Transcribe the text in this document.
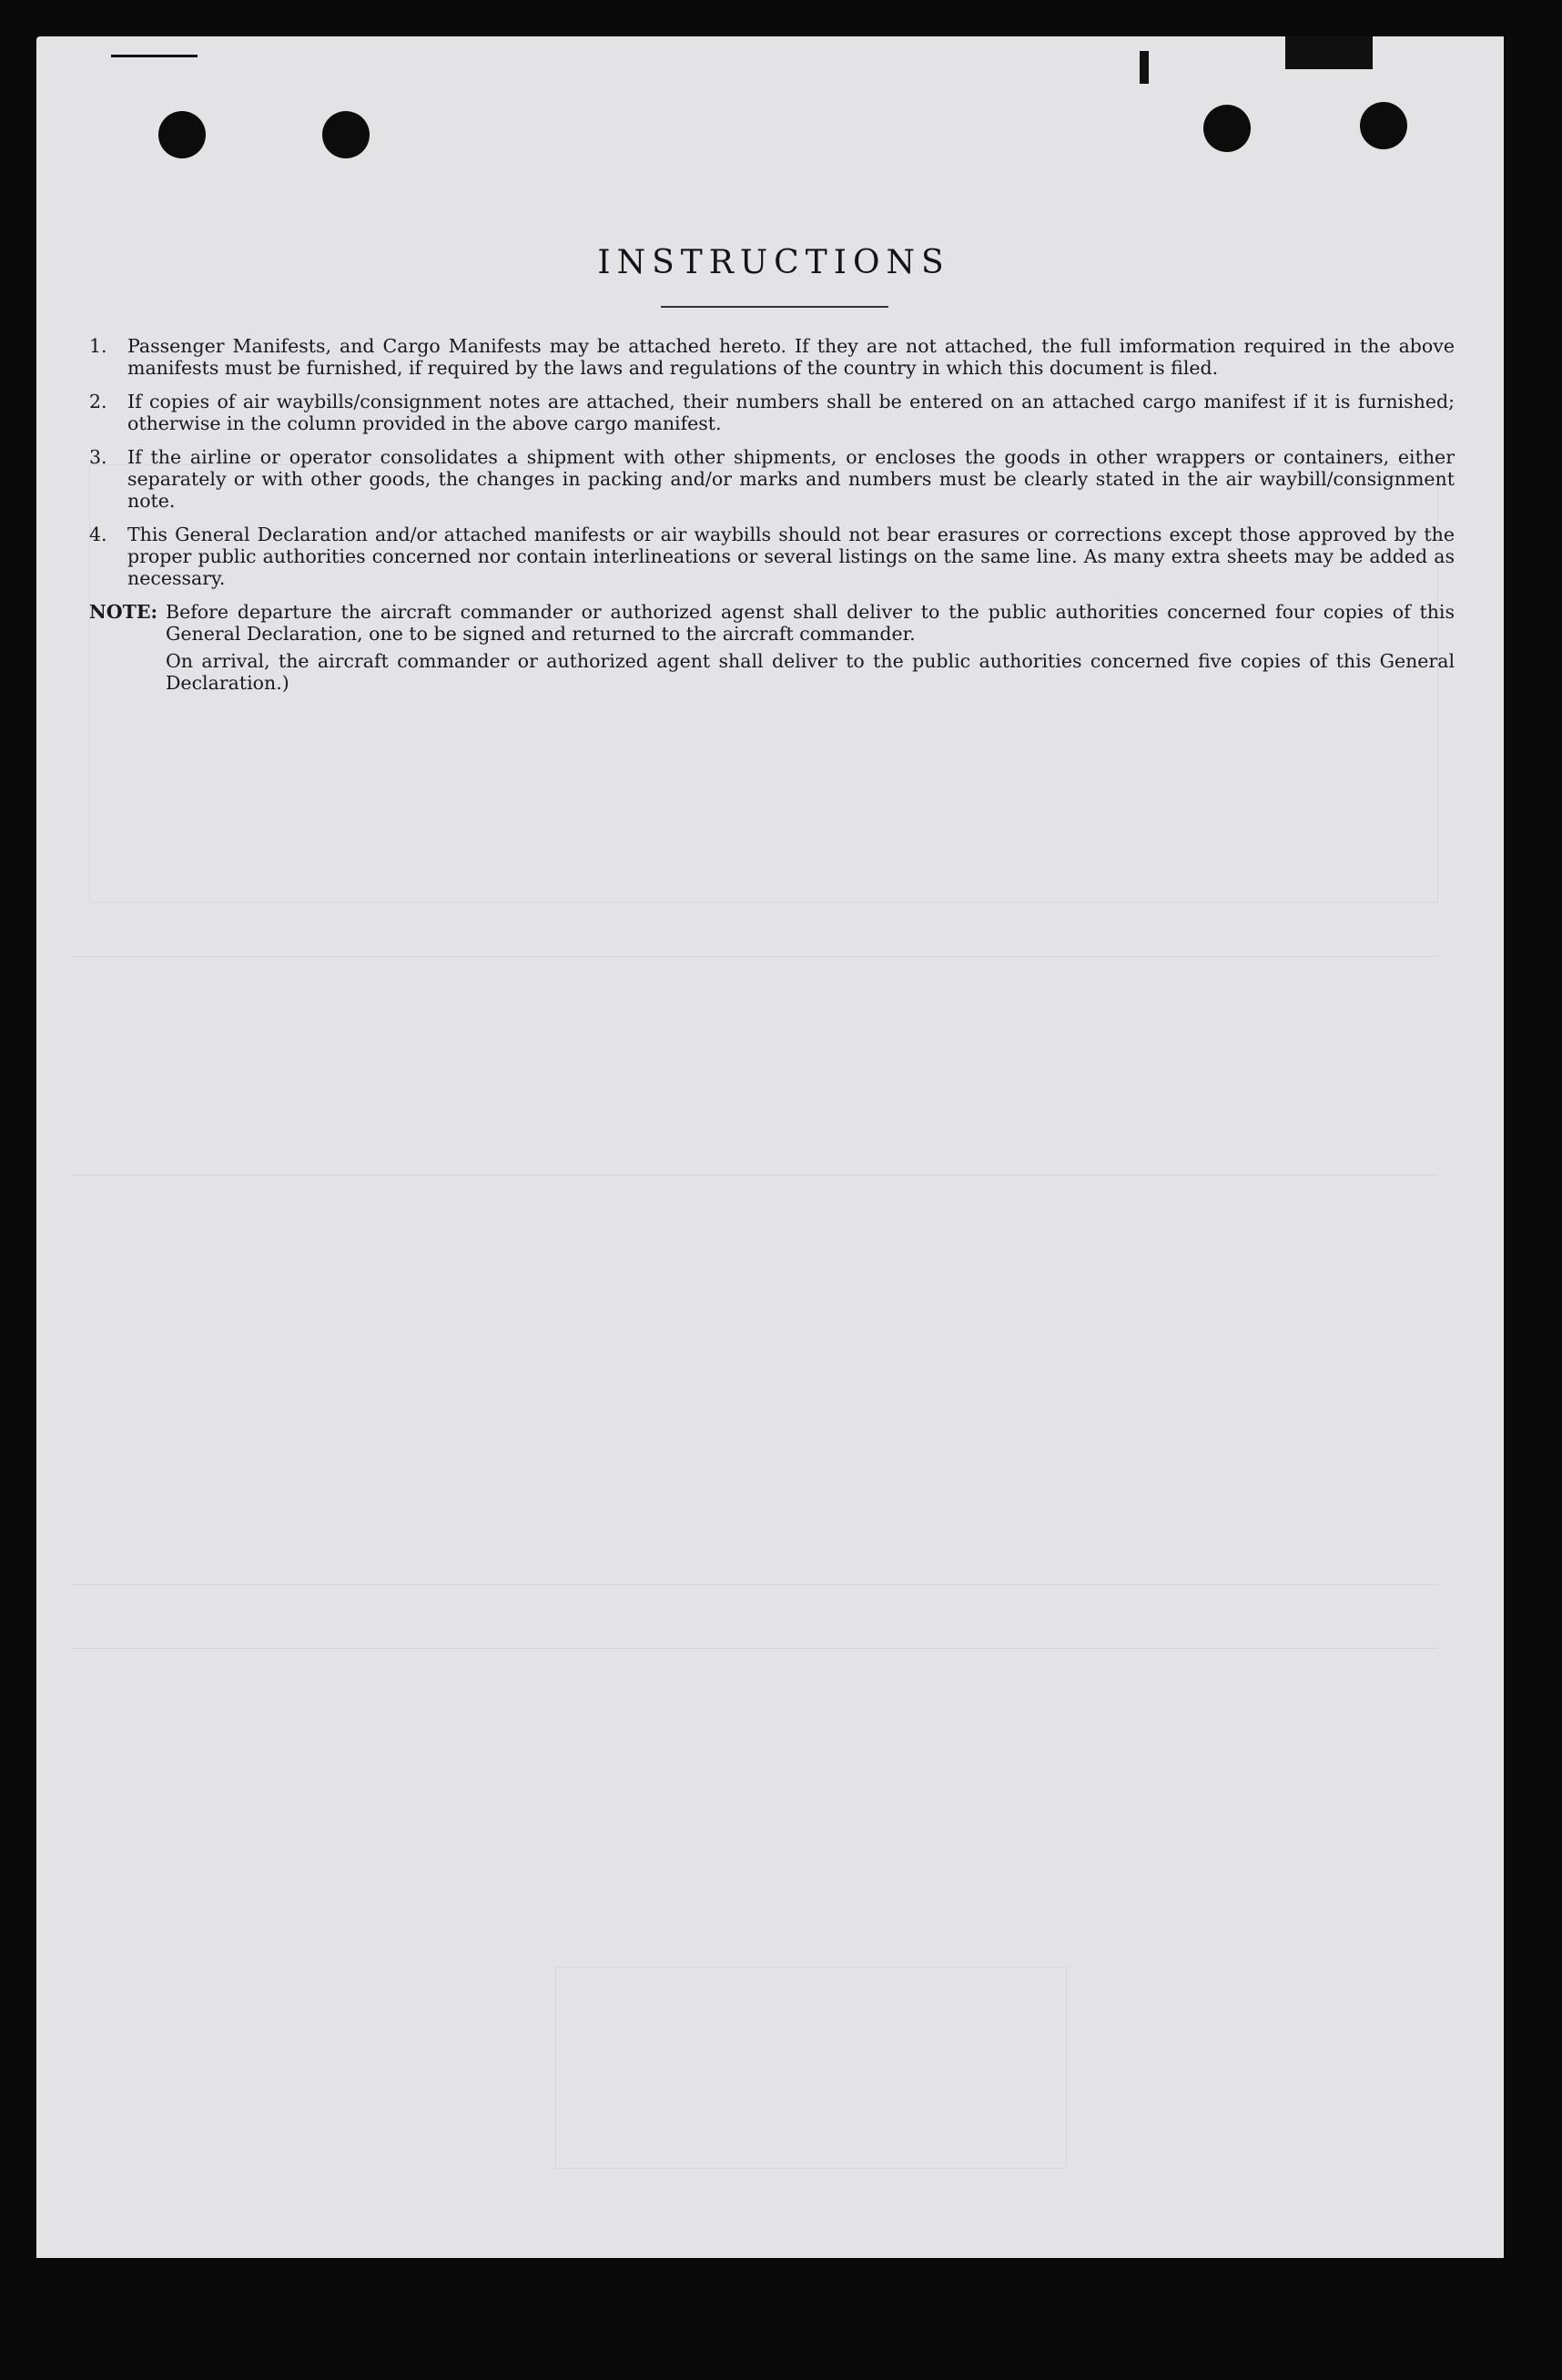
INSTRUCTIONS
1.	Passenger Manifests, and Cargo Manifests may be attached hereto. If they are not attached, the full imformation required in the above manifests must be furnished, if required by the laws and regulations of the country in which this document is filed.
2.	If copies of air waybills/consignment notes are attached, their numbers shall be entered on an attached cargo manifest if it is furnished; otherwise in the column provided in the above cargo manifest.
3.	If the airline or operator consolidates a shipment with other shipments, or encloses the goods in other wrappers or containers, either separately or with other goods, the changes in packing and/or marks and numbers must be clearly stated in the air waybill/consignment note.
4.	This General Declaration and/or attached manifests or air waybills should not bear erasures or corrections except those approved by the proper public authorities concerned nor contain interlineations or several listings on the same line. As many extra sheets may be added as necessary.
NOTE: Before departure the aircraft commander or authorized agenst shall deliver to the public authorities concerned four copies of this General Declaration, one to be signed and returned to the aircraft commander.

On arrival, the aircraft commander or authorized agent shall deliver to the public authorities concerned five copies of this General Declaration.)
